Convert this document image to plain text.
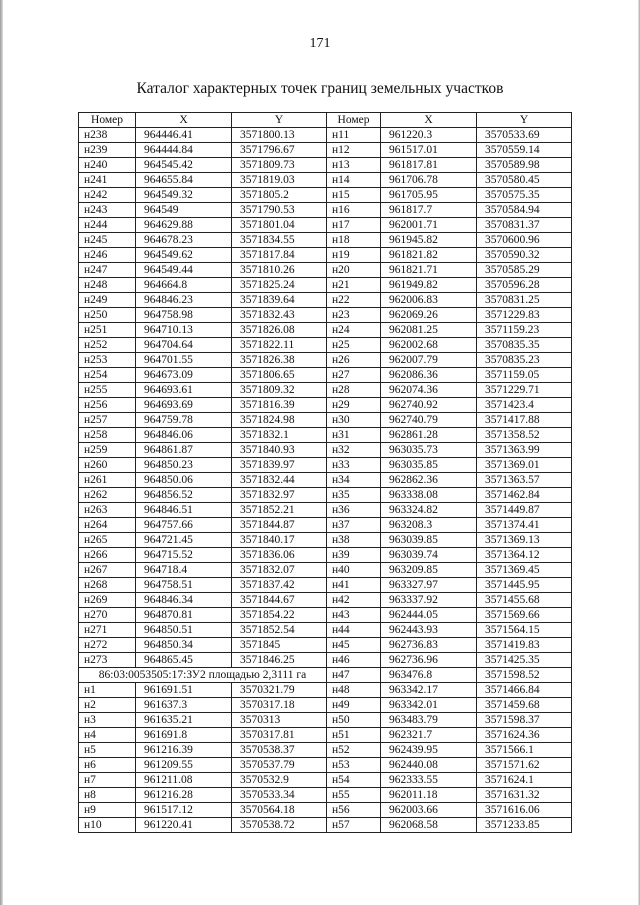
171
Каталог характерных точек границ земельных участков
Номер	X	Y	Номер	X	Y
н238	964446.41	3571800.13	н11	961220.3	3570533.69
н239	964444.84	3571796.67	н12	961517.01	3570559.14
н240	964545.42	3571809.73	н13	961817.81	3570589.98
н241	964655.84	3571819.03	н14	961706.78	3570580.45
н242	964549.32	3571805.2	н15	961705.95	3570575.35
н243	964549	3571790.53	н16	961817.7	3570584.94
н244	964629.88	3571801.04	н17	962001.71	3570831.37
н245	964678.23	3571834.55	н18	961945.82	3570600.96
н246	964549.62	3571817.84	н19	961821.82	3570590.32
н247	964549.44	3571810.26	н20	961821.71	3570585.29
н248	964664.8	3571825.24	н21	961949.82	3570596.28
н249	964846.23	3571839.64	н22	962006.83	3570831.25
н250	964758.98	3571832.43	н23	962069.26	3571229.83
н251	964710.13	3571826.08	н24	962081.25	3571159.23
н252	964704.64	3571822.11	н25	962002.68	3570835.35
н253	964701.55	3571826.38	н26	962007.79	3570835.23
н254	964673.09	3571806.65	н27	962086.36	3571159.05
н255	964693.61	3571809.32	н28	962074.36	3571229.71
н256	964693.69	3571816.39	н29	962740.92	3571423.4
н257	964759.78	3571824.98	н30	962740.79	3571417.88
н258	964846.06	3571832.1	н31	962861.28	3571358.52
н259	964861.87	3571840.93	н32	963035.73	3571363.99
н260	964850.23	3571839.97	н33	963035.85	3571369.01
н261	964850.06	3571832.44	н34	962862.36	3571363.57
н262	964856.52	3571832.97	н35	963338.08	3571462.84
н263	964846.51	3571852.21	н36	963324.82	3571449.87
н264	964757.66	3571844.87	н37	963208.3	3571374.41
н265	964721.45	3571840.17	н38	963039.85	3571369.13
н266	964715.52	3571836.06	н39	963039.74	3571364.12
н267	964718.4	3571832.07	н40	963209.85	3571369.45
н268	964758.51	3571837.42	н41	963327.97	3571445.95
н269	964846.34	3571844.67	н42	963337.92	3571455.68
н270	964870.81	3571854.22	н43	962444.05	3571569.66
н271	964850.51	3571852.54	н44	962443.93	3571564.15
н272	964850.34	3571845	н45	962736.83	3571419.83
н273	964865.45	3571846.25	н46	962736.96	3571425.35
86:03:0053505:17:ЗУ2 площадью 2,3111 га			н47	963476.8	3571598.52
н1	961691.51	3570321.79	н48	963342.17	3571466.84
н2	961637.3	3570317.18	н49	963342.01	3571459.68
н3	961635.21	3570313	н50	963483.79	3571598.37
н4	961691.8	3570317.81	н51	962321.7	3571624.36
н5	961216.39	3570538.37	н52	962439.95	3571566.1
н6	961209.55	3570537.79	н53	962440.08	3571571.62
н7	961211.08	3570532.9	н54	962333.55	3571624.1
н8	961216.28	3570533.34	н55	962011.18	3571631.32
н9	961517.12	3570564.18	н56	962003.66	3571616.06
н10	961220.41	3570538.72	н57	962068.58	3571233.85
